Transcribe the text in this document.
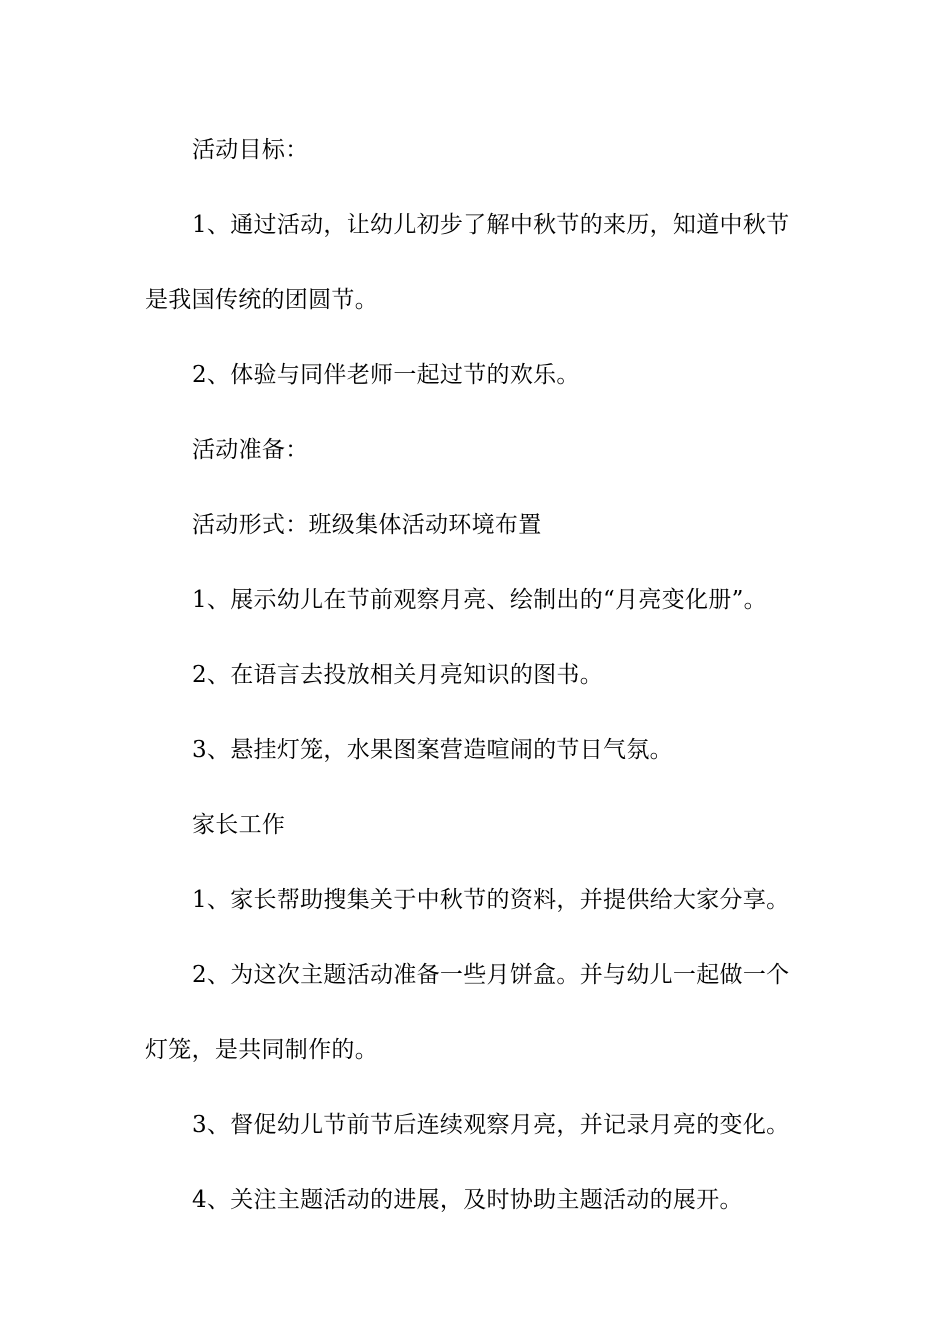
活动目标：

1、通过活动，让幼儿初步了解中秋节的来历，知道中秋节

是我国传统的团圆节。

2、体验与同伴老师一起过节的欢乐。

活动准备：

活动形式：班级集体活动环境布置

1、展示幼儿在节前观察月亮、绘制出的“月亮变化册”。

2、在语言去投放相关月亮知识的图书。

3、悬挂灯笼，水果图案营造喧闹的节日气氛。

家长工作

1、家长帮助搜集关于中秋节的资料，并提供给大家分享。

2、为这次主题活动准备一些月饼盒。并与幼儿一起做一个

灯笼，是共同制作的。

3、督促幼儿节前节后连续观察月亮，并记录月亮的变化。

4、关注主题活动的进展，及时协助主题活动的展开。
